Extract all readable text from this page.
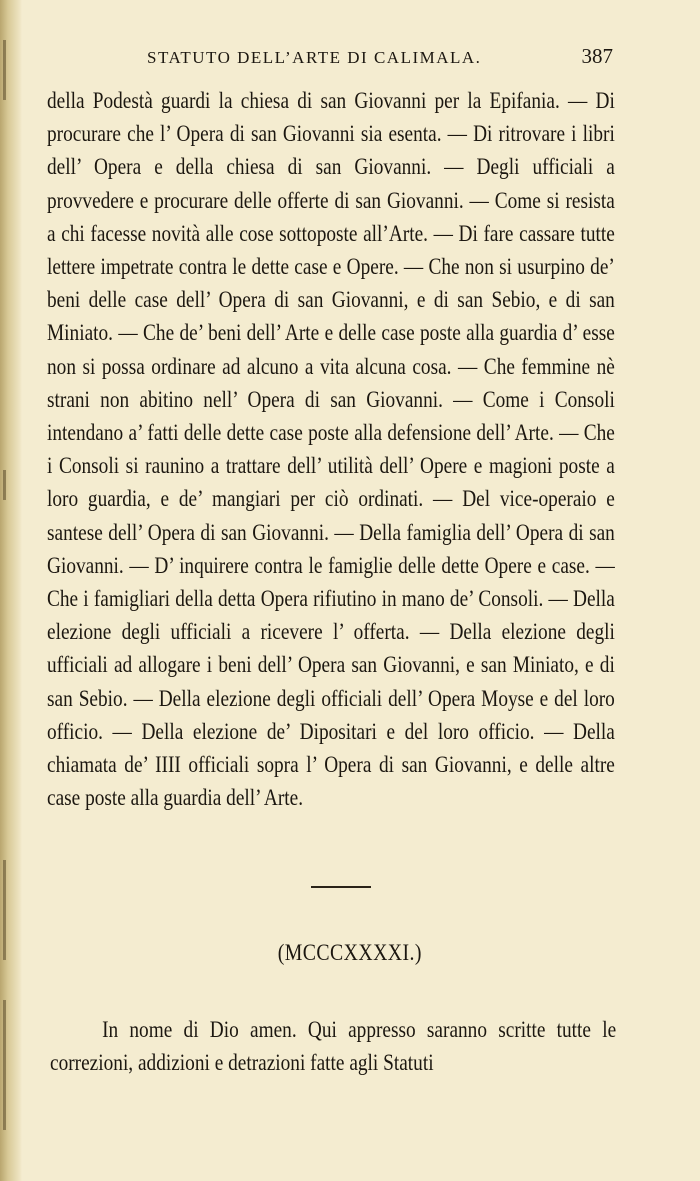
STATUTO DELL’ARTE DI CALIMALA.	387

della Podestà guardi la chiesa di san Giovanni per la Epifania. — Di procurare che l’ Opera di san Giovanni sia esenta. — Di ritrovare i libri dell’ Opera e della chiesa di san Giovanni. — Degli ufficiali a provvedere e procurare delle offerte di san Giovanni. — Come si resista a chi facesse novità alle cose sottoposte all’Arte. — Di fare cassare tutte lettere impetrate contra le dette case e Opere. — Che non si usurpino de’ beni delle case dell’ Opera di san Giovanni, e di san Sebio, e di san Miniato. — Che de’ beni dell’ Arte e delle case poste alla guardia d’ esse non si possa ordinare ad alcuno a vita alcuna cosa. — Che femmine nè strani non abitino nell’ Opera di san Giovanni. — Come i Consoli intendano a’ fatti delle dette case poste alla defensione dell’ Arte. — Che i Consoli si raunino a trattare dell’ utilità dell’ Opere e magioni poste a loro guardia, e de’ mangiari per ciò ordinati. — Del vice-operaio e santese dell’ Opera di san Giovanni. — Della famiglia dell’ Opera di san Giovanni. — D’ inquirere contra le famiglie delle dette Opere e case. — Che i famigliari della detta Opera rifiutino in mano de’ Consoli. — Della elezione degli ufficiali a ricevere l’ offerta. — Della elezione degli ufficiali ad allogare i beni dell’ Opera san Giovanni, e san Miniato, e di san Sebio. — Della elezione degli officiali dell’ Opera Moyse e del loro officio. — Della elezione de’ Dipositari e del loro officio. — Della chiamata de’ IIII officiali sopra l’ Opera di san Giovanni, e delle altre case poste alla guardia dell’ Arte.

(MCCCXXXXI.)

In nome di Dio amen. Qui appresso saranno scritte tutte le correzioni, addizioni e detrazioni fatte agli Statuti
